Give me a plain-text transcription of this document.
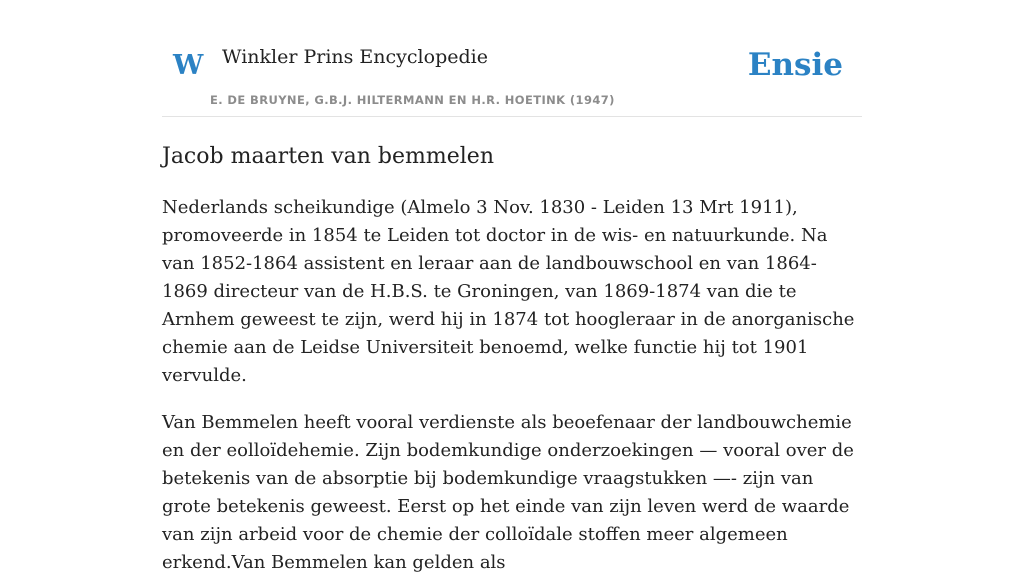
W Winkler Prins Encyclopedie
E. DE BRUYNE, G.B.J. HILTERMANN EN H.R. HOETINK (1947)
Ensie
Jacob maarten van bemmelen

Nederlands scheikundige (Almelo 3 Nov. 1830 - Leiden 13 Mrt 1911), promoveerde in 1854 te Leiden tot doctor in de wis- en natuurkunde. Na van 1852-1864 assistent en leraar aan de landbouwschool en van 1864-1869 directeur van de H.B.S. te Groningen, van 1869-1874 van die te Arnhem geweest te zijn, werd hij in 1874 tot hoogleraar in de anorganische chemie aan de Leidse Universiteit benoemd, welke functie hij tot 1901 vervulde.

Van Bemmelen heeft vooral verdienste als beoefenaar der landbouwchemie en der eolloïdehemie. Zijn bodemkundige onderzoekingen — vooral over de betekenis van de absorptie bij bodemkundige vraagstukken —- zijn van grote betekenis geweest. Eerst op het einde van zijn leven werd de waarde van zijn arbeid voor de chemie der colloïdale stoffen meer algemeen erkend.Van Bemmelen kan gelden als
